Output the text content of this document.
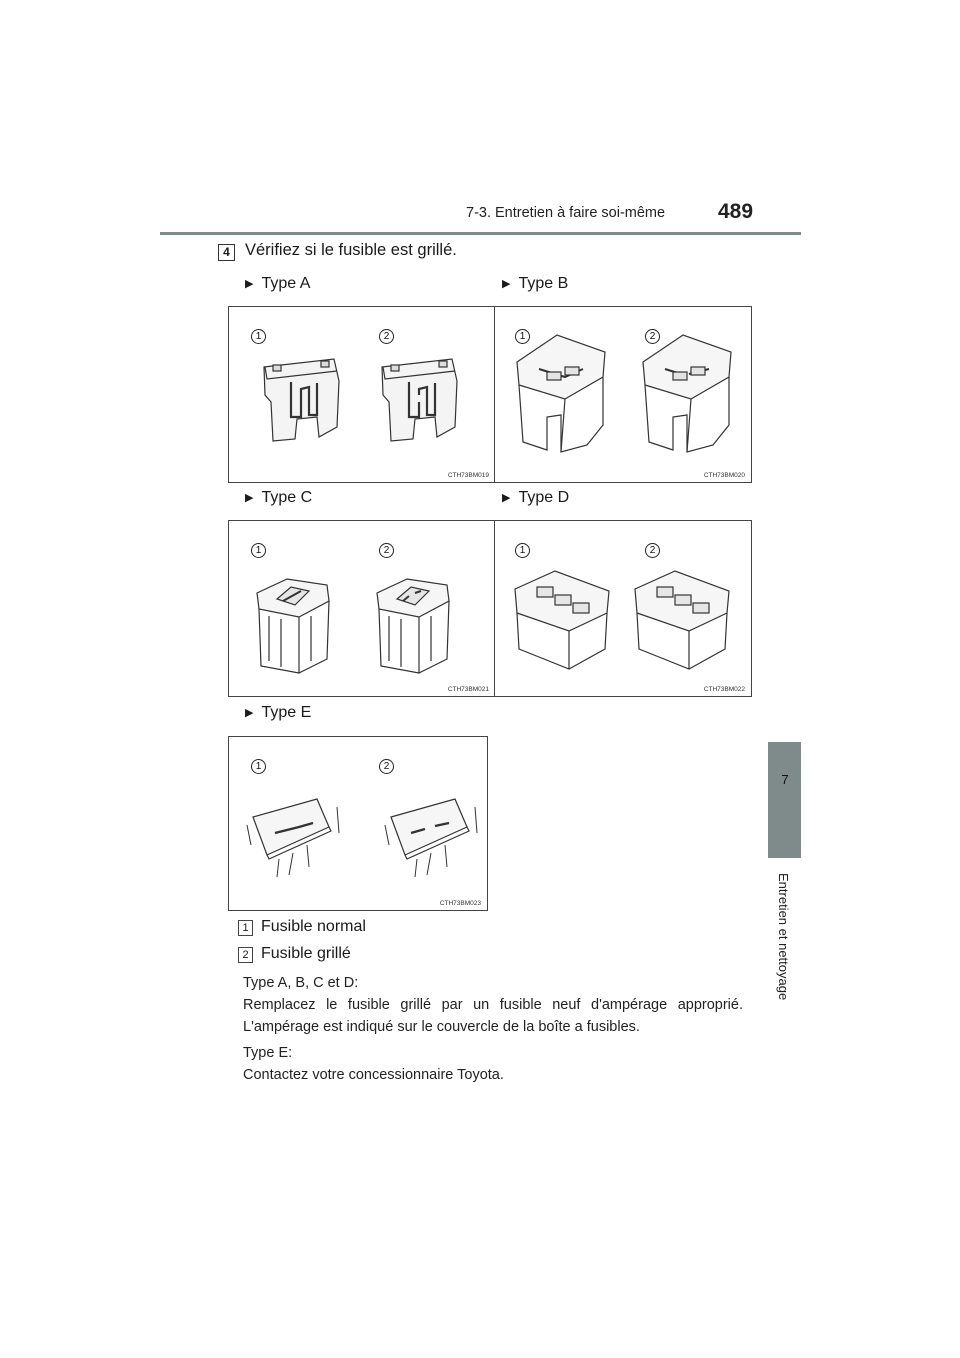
7-3. Entretien à faire soi-même	489
7
Entretien et nettoyage
4 Vérifiez si le fusible est grillé.
▶ Type A	▶ Type B
▶ Type C	▶ Type D
▶ Type E
1	2
CTH73BM019
1	2
CTH73BM020
1	2
CTH73BM021
1	2
CTH73BM022
1	2
CTH73BM023
1 Fusible normal
2 Fusible grillé
Type A, B, C et D:
Remplacez le fusible grillé par un fusible neuf d'ampérage approprié.
L'ampérage est indiqué sur le couvercle de la boîte a fusibles.
Type E:
Contactez votre concessionnaire Toyota.
